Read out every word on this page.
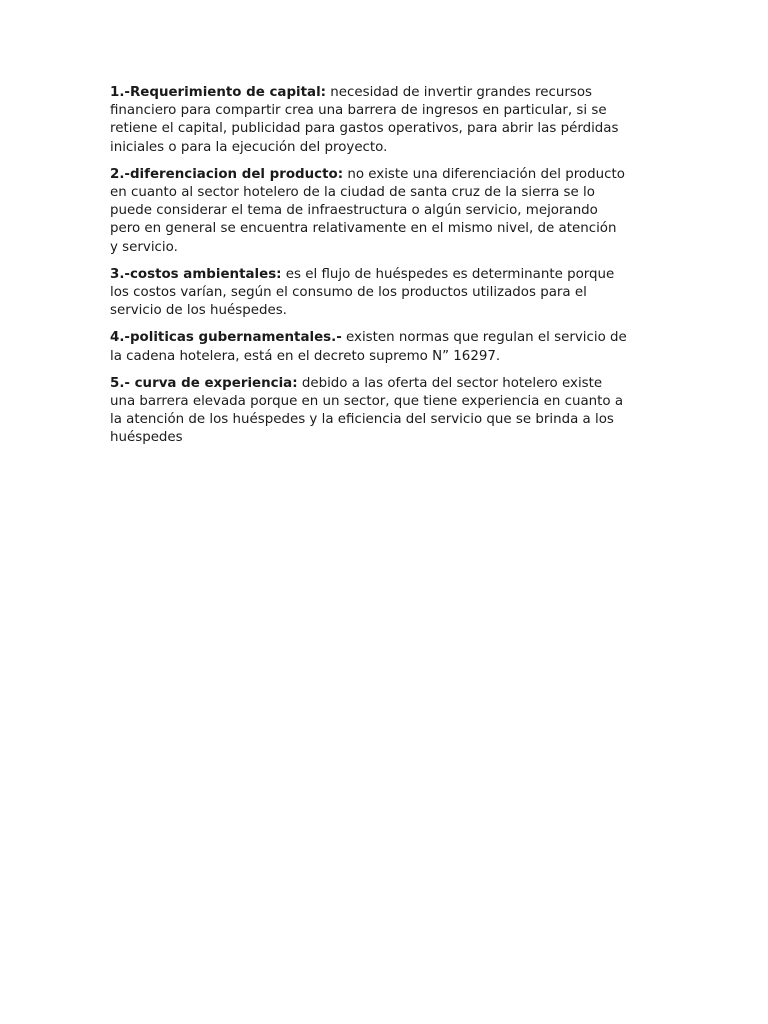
1.-Requerimiento de capital: necesidad de invertir grandes recursos
financiero para compartir crea una barrera de ingresos en particular, si se
retiene el capital, publicidad para gastos operativos, para abrir las pérdidas
iniciales o para la ejecución del proyecto.

2.-diferenciacion del producto: no existe una diferenciación del producto
en cuanto al sector hotelero de la ciudad de santa cruz de la sierra se lo
puede considerar el tema de infraestructura o algún servicio, mejorando
pero en general se encuentra relativamente en el mismo nivel, de atención
y servicio.

3.-costos ambientales: es el flujo de huéspedes es determinante porque
los costos varían, según el consumo de los productos utilizados para el
servicio de los huéspedes.

4.-politicas gubernamentales.- existen normas que regulan el servicio de
la cadena hotelera, está en el decreto supremo N” 16297.

5.- curva de experiencia: debido a las oferta del sector hotelero existe
una barrera elevada porque en un sector, que tiene experiencia en cuanto a
la atención de los huéspedes y la eficiencia del servicio que se brinda a los
huéspedes
